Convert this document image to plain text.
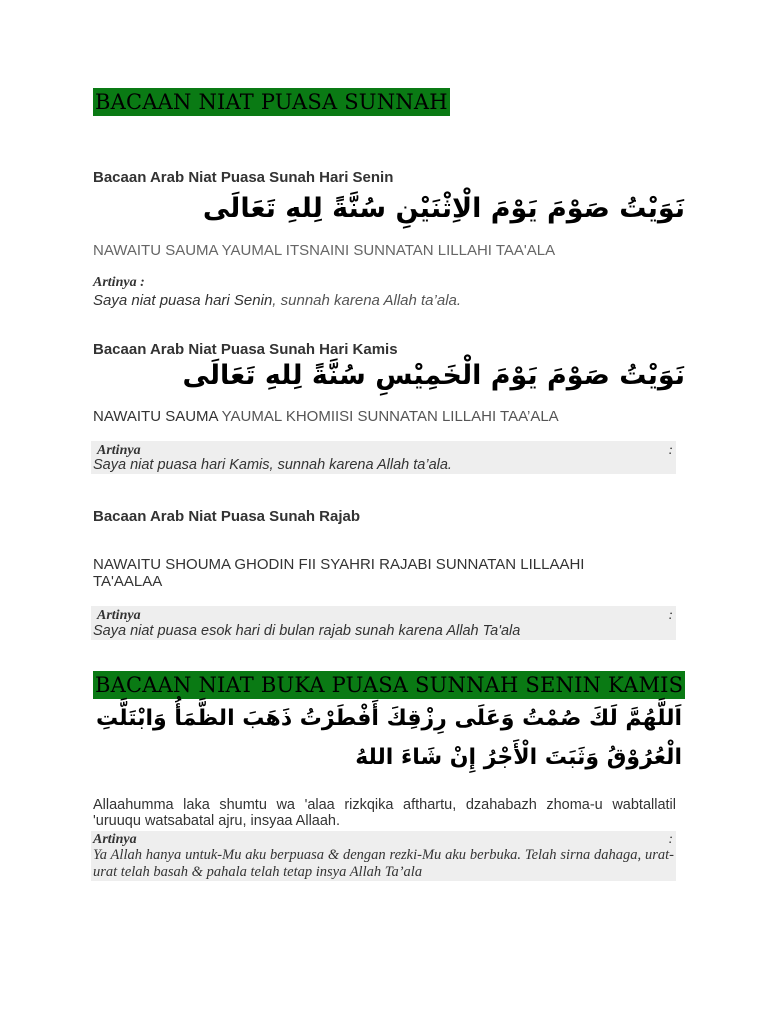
BACAAN NIAT PUASA SUNNAH
Bacaan Arab Niat Puasa Sunah Hari Senin
نَوَيْتُ صَوْمَ يَوْمَ الْاِثْنَيْنِ سُنَّةً لِلهِ تَعَالَى
NAWAITU SAUMA YAUMAL ITSNAINI SUNNATAN LILLAHI TAA'ALA
Artinya :
Saya niat puasa hari Senin, sunnah karena Allah ta’ala.
Bacaan Arab Niat Puasa Sunah Hari Kamis
نَوَيْتُ صَوْمَ يَوْمَ الْخَمِيْسِ سُنَّةً لِلهِ تَعَالَى
NAWAITU SAUMA YAUMAL KHOMIISI SUNNATAN LILLAHI TAA’ALA
Artinya	:
Saya niat puasa hari Kamis, sunnah karena Allah ta’ala.
Bacaan Arab Niat Puasa Sunah Rajab
NAWAITU SHOUMA GHODIN FII SYAHRI RAJABI SUNNATAN LILLAAHI TA'AALAA
Artinya	:
Saya niat puasa esok hari di bulan rajab sunah karena Allah Ta'ala
BACAAN NIAT BUKA PUASA SUNNAH SENIN KAMIS
اَللَّهُمَّ لَكَ صُمْتُ وَعَلَى رِزْقِكَ أَفْطَرْتُ ذَهَبَ الظَّمَأُ وَابْتَلَّتِ
الْعُرُوْقُ وَثَبَتَ الْأَجْرُ إِنْ شَاءَ اللهُ
Allaahumma laka shumtu wa 'alaa rizkqika afthartu, dzahabazh zhoma-u wabtallatil 'uruuqu watsabatal ajru, insyaa Allaah.
Artinya	:
Ya Allah hanya untuk-Mu aku berpuasa & dengan rezki-Mu aku berbuka. Telah sirna dahaga, urat-urat telah basah & pahala telah tetap insya Allah Ta’ala
